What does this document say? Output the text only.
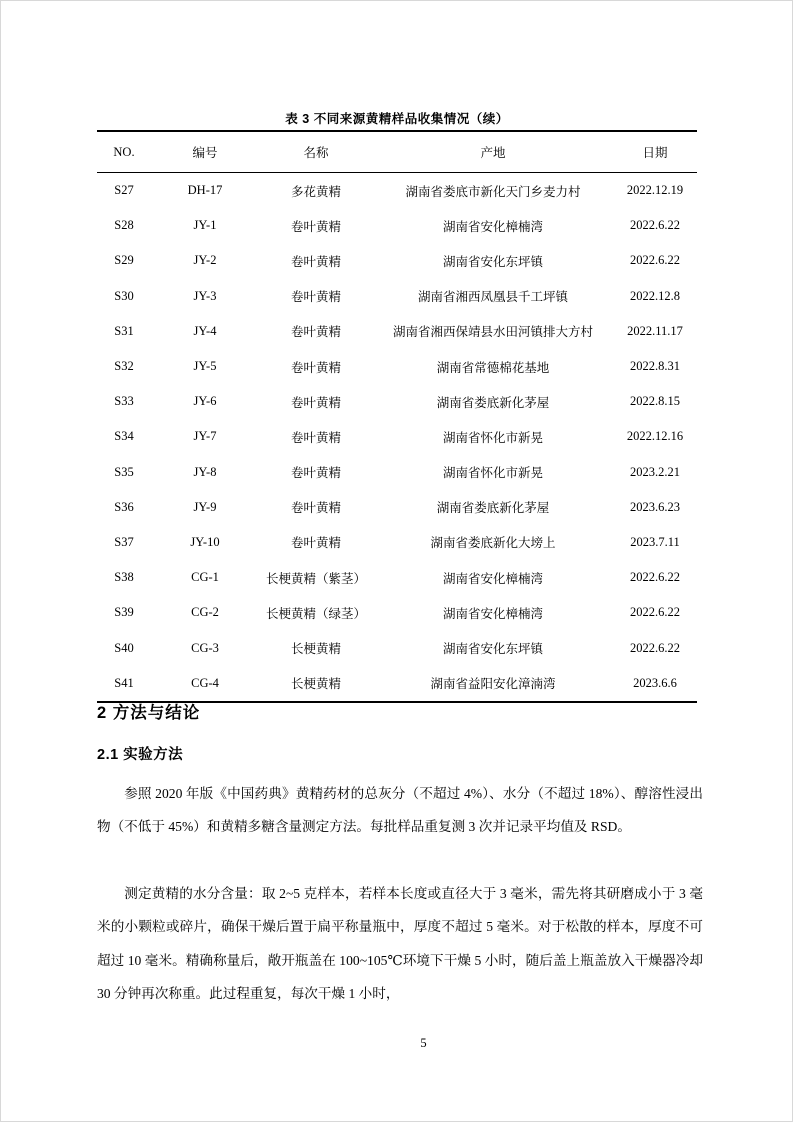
表 3 不同来源黄精样品收集情况（续）
NO.	编号	名称	产地	日期
S27	DH-17	多花黄精	湖南省娄底市新化天门乡麦力村	2022.12.19
S28	JY-1	卷叶黄精	湖南省安化樟楠湾	2022.6.22
S29	JY-2	卷叶黄精	湖南省安化东坪镇	2022.6.22
S30	JY-3	卷叶黄精	湖南省湘西凤凰县千工坪镇	2022.12.8
S31	JY-4	卷叶黄精	湖南省湘西保靖县水田河镇排大方村	2022.11.17
S32	JY-5	卷叶黄精	湖南省常德棉花基地	2022.8.31
S33	JY-6	卷叶黄精	湖南省娄底新化茅屋	2022.8.15
S34	JY-7	卷叶黄精	湖南省怀化市新晃	2022.12.16
S35	JY-8	卷叶黄精	湖南省怀化市新晃	2023.2.21
S36	JY-9	卷叶黄精	湖南省娄底新化茅屋	2023.6.23
S37	JY-10	卷叶黄精	湖南省娄底新化大塝上	2023.7.11
S38	CG-1	长梗黄精（紫茎）	湖南省安化樟楠湾	2022.6.22
S39	CG-2	长梗黄精（绿茎）	湖南省安化樟楠湾	2022.6.22
S40	CG-3	长梗黄精	湖南省安化东坪镇	2022.6.22
S41	CG-4	长梗黄精	湖南省益阳安化漳湳湾	2023.6.6
2 方法与结论
2.1 实验方法

参照 2020 年版《中国药典》黄精药材的总灰分（不超过 4%）、水分（不超过 18%）、醇溶性浸出物（不低于 45%）和黄精多糖含量测定方法。每批样品重复测 3 次并记录平均值及 RSD。

测定黄精的水分含量：取 2~5 克样本，若样本长度或直径大于 3 毫米，需先将其研磨成小于 3 毫米的小颗粒或碎片，确保干燥后置于扁平称量瓶中，厚度不超过 5 毫米。对于松散的样本，厚度不可超过 10 毫米。精确称量后，敞开瓶盖在 100~105℃环境下干燥 5 小时，随后盖上瓶盖放入干燥器冷却 30 分钟再次称重。此过程重复，每次干燥 1 小时，

5
